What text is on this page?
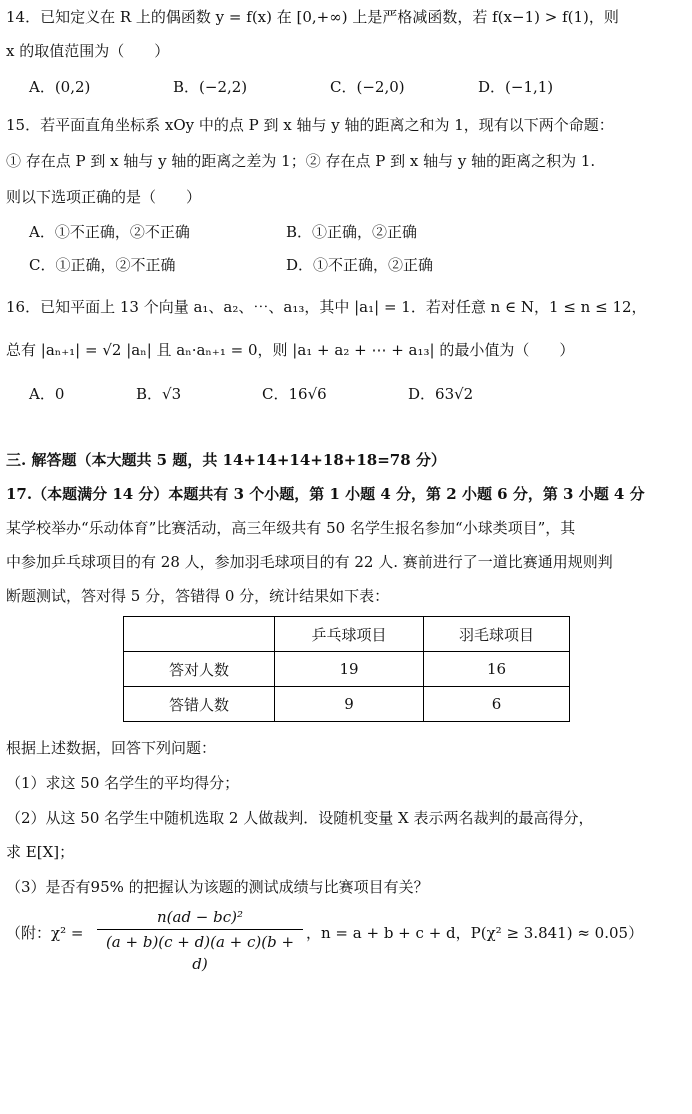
14．已知定义在 R 上的偶函数 y = f(x) 在 [0,+∞) 上是严格减函数，若 f(x−1) > f(1)，则
x 的取值范围为（　　）
A．(0,2)	B．(−2,2)	C．(−2,0)	D．(−1,1)
15．若平面直角坐标系 xOy 中的点 P 到 x 轴与 y 轴的距离之和为 1，现有以下两个命题：
① 存在点 P 到 x 轴与 y 轴的距离之差为 1；② 存在点 P 到 x 轴与 y 轴的距离之积为 1.
则以下选项正确的是（　　）
A．①不正确，②不正确	B．①正确，②正确
C．①正确，②不正确	D．①不正确，②正确
16．已知平面上 13 个向量 a₁、a₂、⋯、a₁₃，其中 |a₁| = 1．若对任意 n ∈ N，1 ≤ n ≤ 12，
总有 |aₙ₊₁| = √2 |aₙ| 且 aₙ·aₙ₊₁ = 0，则 |a₁ + a₂ + ⋯ + a₁₃| 的最小值为（　　）
A．0	B．√3	C．16√6	D．63√2
三. 解答题（本大题共 5 题，共 14+14+14+18+18=78 分）
17.（本题满分 14 分）本题共有 3 个小题，第 1 小题 4 分，第 2 小题 6 分，第 3 小题 4 分
某学校举办“乐动体育”比赛活动，高三年级共有 50 名学生报名参加“小球类项目”，其
中参加乒乓球项目的有 28 人，参加羽毛球项目的有 22 人. 赛前进行了一道比赛通用规则判
断题测试，答对得 5 分，答错得 0 分，统计结果如下表：
	乒乓球项目	羽毛球项目
答对人数	19	16
答错人数	9	6
根据上述数据，回答下列问题：
（1）求这 50 名学生的平均得分；
（2）从这 50 名学生中随机选取 2 人做裁判．设随机变量 X 表示两名裁判的最高得分，
求 E[X]；
（3）是否有95% 的把握认为该题的测试成绩与比赛项目有关？
（附：χ² =
n(ad − bc)²
(a + b)(c + d)(a + c)(b + d)
，n = a + b + c + d，P(χ² ≥ 3.841) ≈ 0.05）
